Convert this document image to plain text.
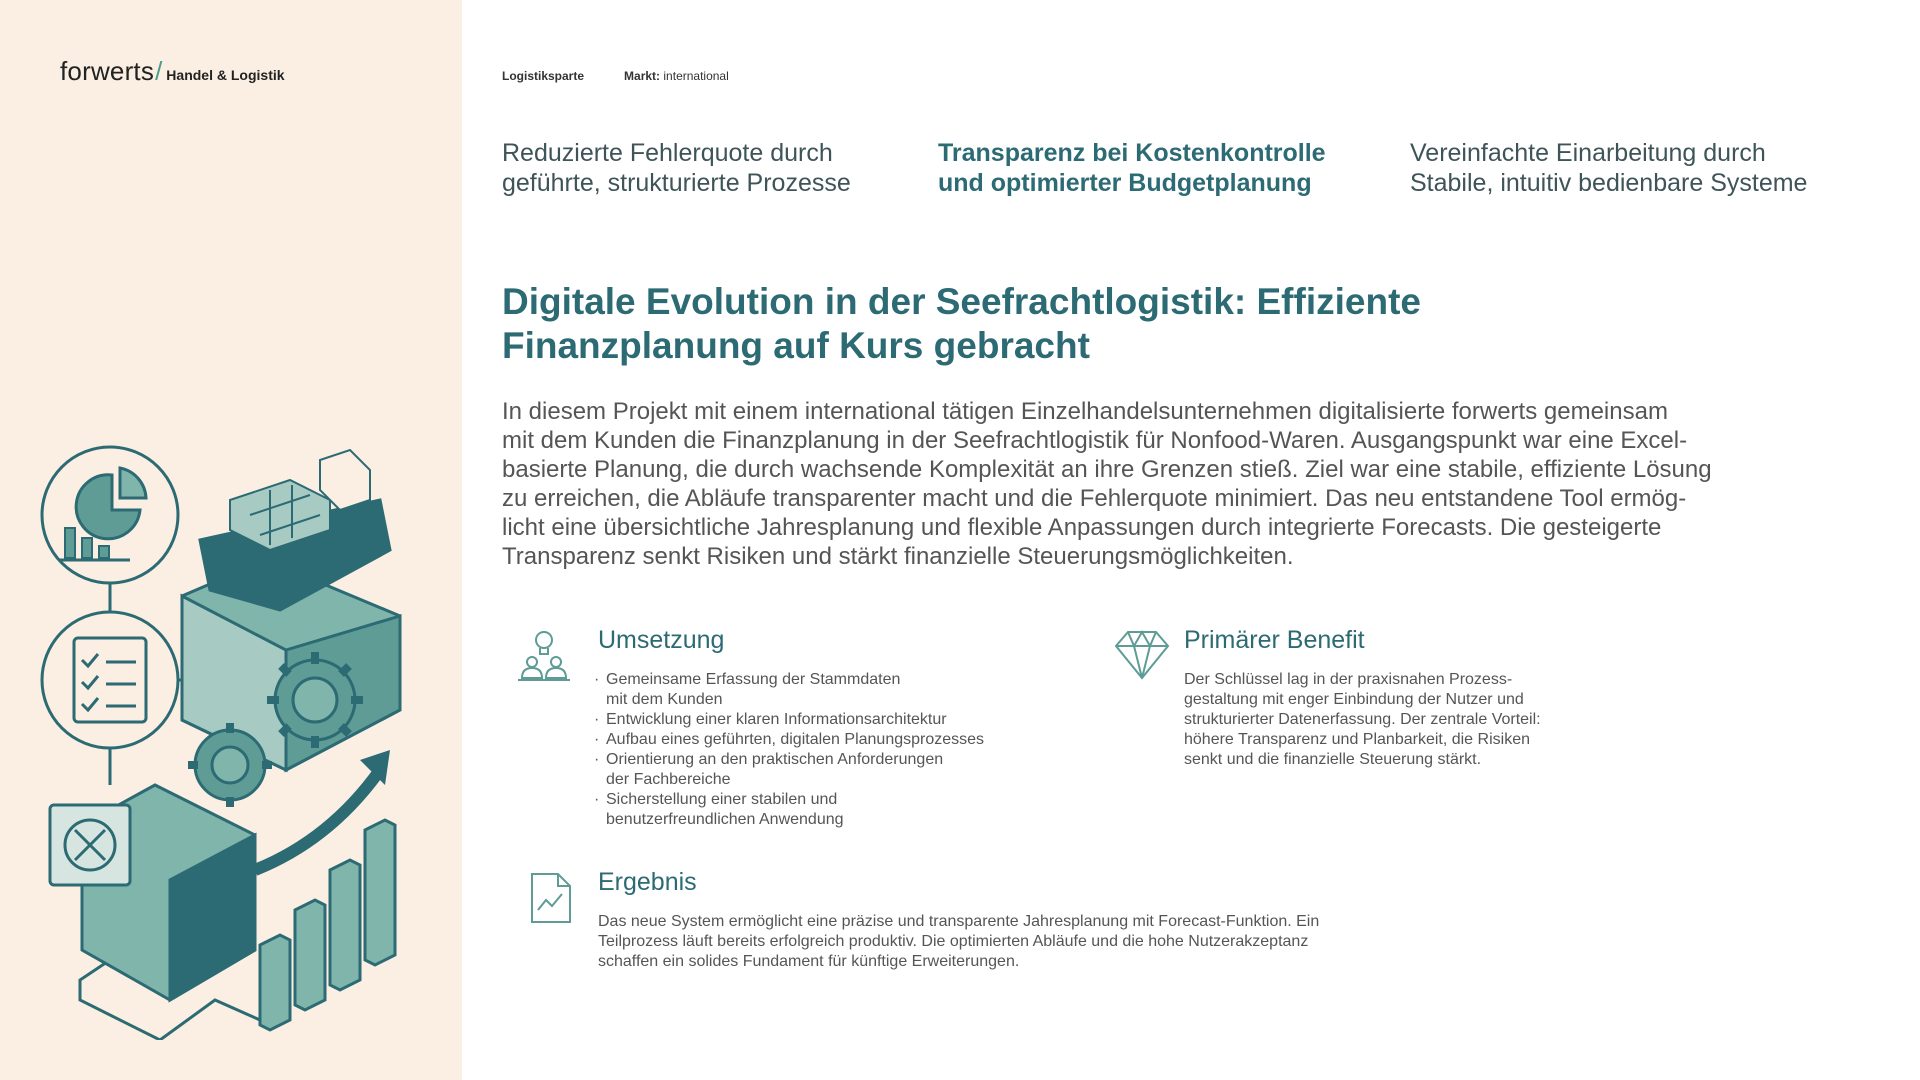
forwerts / Handel & Logistik	Logistiksparte	Markt: international
Reduzierte Fehlerquote durch
geführte, strukturierte Prozesse
Transparenz bei Kostenkontrolle
und optimierter Budgetplanung
Vereinfachte Einarbeitung durch
Stabile, intuitiv bedienbare Systeme
Digitale Evolution in der Seefrachtlogistik: Effiziente
Finanzplanung auf Kurs gebracht
In diesem Projekt mit einem international tätigen Einzelhandelsunternehmen digitalisierte forwerts gemeinsam
mit dem Kunden die Finanzplanung in der Seefrachtlogistik für Nonfood-Waren. Ausgangspunkt war eine Excel-
basierte Planung, die durch wachsende Komplexität an ihre Grenzen stieß. Ziel war eine stabile, effiziente Lösung
zu erreichen, die Abläufe transparenter macht und die Fehlerquote minimiert. Das neu entstandene Tool ermög-
licht eine übersichtliche Jahresplanung und flexible Anpassungen durch integrierte Forecasts. Die gesteigerte
Transparenz senkt Risiken und stärkt finanzielle Steuerungsmöglichkeiten.
Umsetzung
· Gemeinsame Erfassung der Stammdaten
mit dem Kunden
· Entwicklung einer klaren Informationsarchitektur
· Aufbau eines geführten, digitalen Planungsprozesses
· Orientierung an den praktischen Anforderungen
der Fachbereiche
· Sicherstellung einer stabilen und
benutzerfreundlichen Anwendung
Primärer Benefit
Der Schlüssel lag in der praxisnahen Prozess-
gestaltung mit enger Einbindung der Nutzer und
strukturierter Datenerfassung. Der zentrale Vorteil:
höhere Transparenz und Planbarkeit, die Risiken
senkt und die finanzielle Steuerung stärkt.
Ergebnis
Das neue System ermöglicht eine präzise und transparente Jahresplanung mit Forecast-Funktion. Ein
Teilprozess läuft bereits erfolgreich produktiv. Die optimierten Abläufe und die hohe Nutzerakzeptanz
schaffen ein solides Fundament für künftige Erweiterungen.
